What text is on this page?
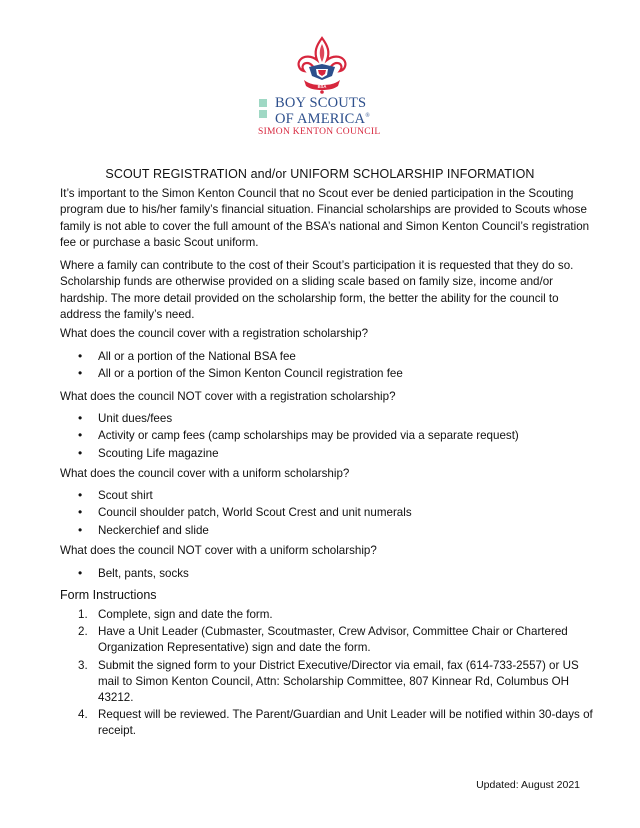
BSA
BOY SCOUTS
OF AMERICA®
SIMON KENTON COUNCIL
SCOUT REGISTRATION and/or UNIFORM SCHOLARSHIP INFORMATION
It’s important to the Simon Kenton Council that no Scout ever be denied participation in the Scouting program due to his/her family’s financial situation. Financial scholarships are provided to Scouts whose family is not able to cover the full amount of the BSA’s national and Simon Kenton Council’s registration fee or purchase a basic Scout uniform.
Where a family can contribute to the cost of their Scout’s participation it is requested that they do so. Scholarship funds are otherwise provided on a sliding scale based on family size, income and/or hardship. The more detail provided on the scholarship form, the better the ability for the council to address the family’s need.
What does the council cover with a registration scholarship?
• All or a portion of the National BSA fee
• All or a portion of the Simon Kenton Council registration fee
What does the council NOT cover with a registration scholarship?
• Unit dues/fees
• Activity or camp fees (camp scholarships may be provided via a separate request)
• Scouting Life magazine
What does the council cover with a uniform scholarship?
• Scout shirt
• Council shoulder patch, World Scout Crest and unit numerals
• Neckerchief and slide
What does the council NOT cover with a uniform scholarship?
• Belt, pants, socks
Form Instructions
1. Complete, sign and date the form.
2. Have a Unit Leader (Cubmaster, Scoutmaster, Crew Advisor, Committee Chair or Chartered Organization Representative) sign and date the form.
3. Submit the signed form to your District Executive/Director via email, fax (614-733-2557) or US mail to Simon Kenton Council, Attn: Scholarship Committee, 807 Kinnear Rd, Columbus OH 43212.
4. Request will be reviewed. The Parent/Guardian and Unit Leader will be notified within 30-days of receipt.
Updated: August 2021
